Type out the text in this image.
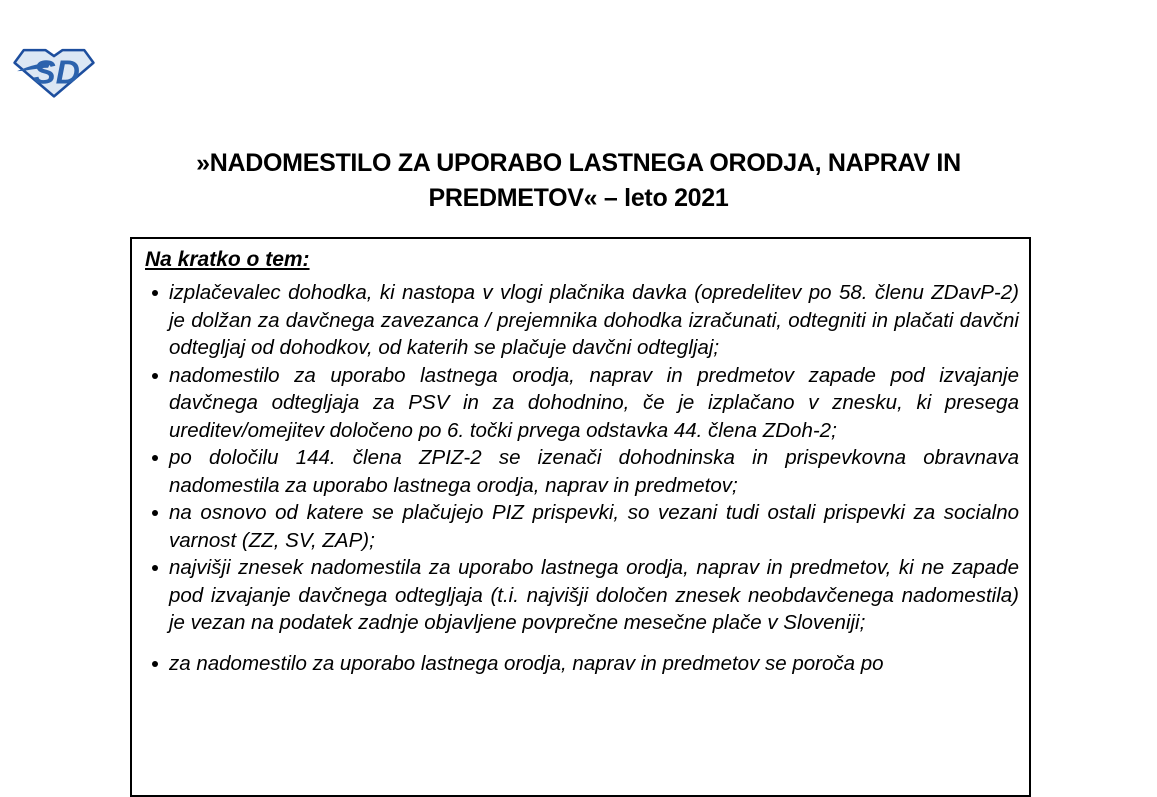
SD
»NADOMESTILO ZA UPORABO LASTNEGA ORODJA, NAPRAV IN
PREDMETOV« – leto 2021
Na kratko o tem:
izplačevalec dohodka, ki nastopa v vlogi plačnika davka (opredelitev po 58. členu ZDavP-2) je dolžan za davčnega zavezanca / prejemnika dohodka izračunati, odtegniti in plačati davčni odtegljaj od dohodkov, od katerih se plačuje davčni odtegljaj;
nadomestilo za uporabo lastnega orodja, naprav in predmetov zapade pod izvajanje davčnega odtegljaja za PSV in za dohodnino, če je izplačano v znesku, ki presega ureditev/omejitev določeno po 6. točki prvega odstavka 44. člena ZDoh-2;
po določilu 144. člena ZPIZ-2 se izenači dohodninska in prispevkovna obravnava nadomestila za uporabo lastnega orodja, naprav in predmetov;
na osnovo od katere se plačujejo PIZ prispevki, so vezani tudi ostali prispevki za socialno varnost (ZZ, SV, ZAP);
najvišji znesek nadomestila za uporabo lastnega orodja, naprav in predmetov, ki ne zapade pod izvajanje davčnega odtegljaja (t.i. najvišji določen znesek neobdavčenega nadomestila) je vezan na podatek zadnje objavljene povprečne mesečne plače v Sloveniji;
za nadomestilo za uporabo lastnega orodja, naprav in predmetov se poroča po
